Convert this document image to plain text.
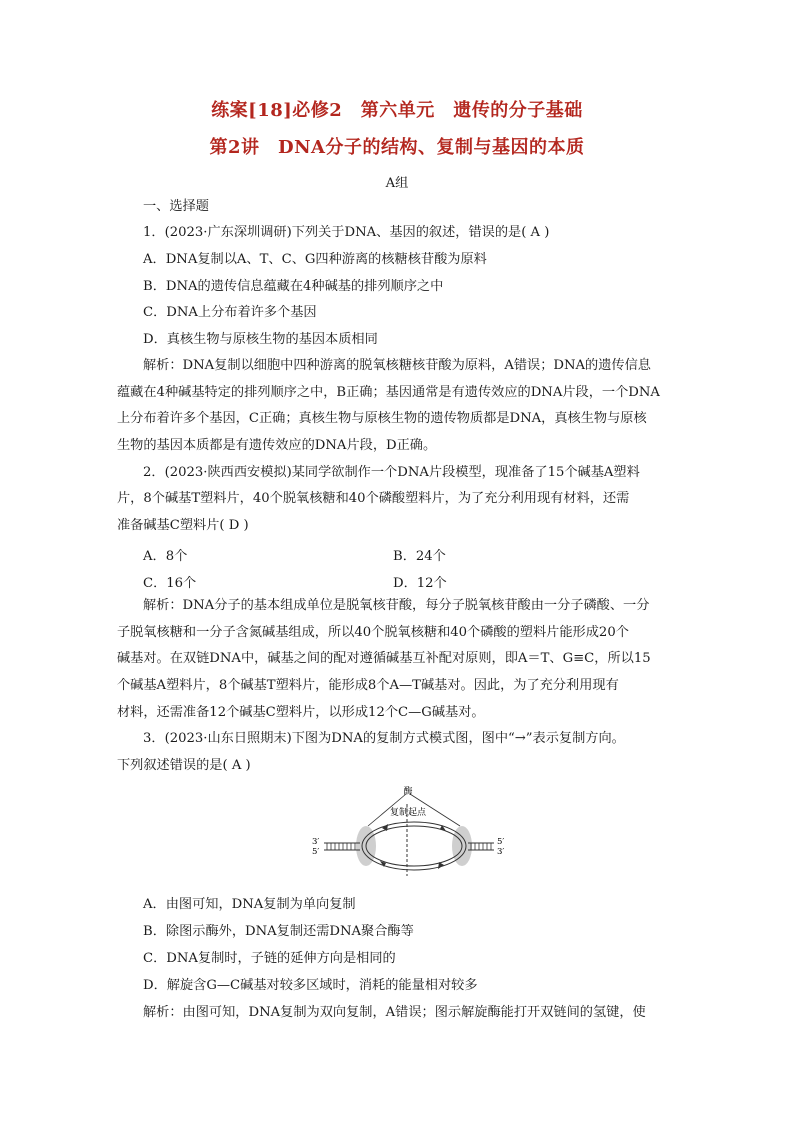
练案[18]必修2　第六单元　遗传的分子基础
第2讲　DNA分子的结构、复制与基因的本质
A组
一、选择题
1．(2023·广东深圳调研)下列关于DNA、基因的叙述，错误的是( A )
A．DNA复制以A、T、C、G四种游离的核糖核苷酸为原料
B．DNA的遗传信息蕴藏在4种碱基的排列顺序之中
C．DNA上分布着许多个基因
D．真核生物与原核生物的基因本质相同
解析：DNA复制以细胞中四种游离的脱氧核糖核苷酸为原料，A错误；DNA的遗传信息
蕴藏在4种碱基特定的排列顺序之中，B正确；基因通常是有遗传效应的DNA片段，一个DNA
上分布着许多个基因，C正确；真核生物与原核生物的遗传物质都是DNA，真核生物与原核
生物的基因本质都是有遗传效应的DNA片段，D正确。
2．(2023·陕西西安模拟)某同学欲制作一个DNA片段模型，现准备了15个碱基A塑料
片，8个碱基T塑料片，40个脱氧核糖和40个磷酸塑料片，为了充分利用现有材料，还需
准备碱基C塑料片( D )
A．8个	B．24个
C．16个	D．12个
解析：DNA分子的基本组成单位是脱氧核苷酸，每分子脱氧核苷酸由一分子磷酸、一分
子脱氧核糖和一分子含氮碱基组成，所以40个脱氧核糖和40个磷酸的塑料片能形成20个
碱基对。在双链DNA中，碱基之间的配对遵循碱基互补配对原则，即A＝T、G≡C，所以15
个碱基A塑料片，8个碱基T塑料片，能形成8个A—T碱基对。因此，为了充分利用现有
材料，还需准备12个碱基C塑料片，以形成12个C—G碱基对。
3．(2023·山东日照期末)下图为DNA的复制方式模式图，图中“→”表示复制方向。
下列叙述错误的是( A )
酶
复制起点
3′
5′
5′
3′
A．由图可知，DNA复制为单向复制
B．除图示酶外，DNA复制还需DNA聚合酶等
C．DNA复制时，子链的延伸方向是相同的
D．解旋含G—C碱基对较多区域时，消耗的能量相对较多
解析：由图可知，DNA复制为双向复制，A错误；图示解旋酶能打开双链间的氢键，使
